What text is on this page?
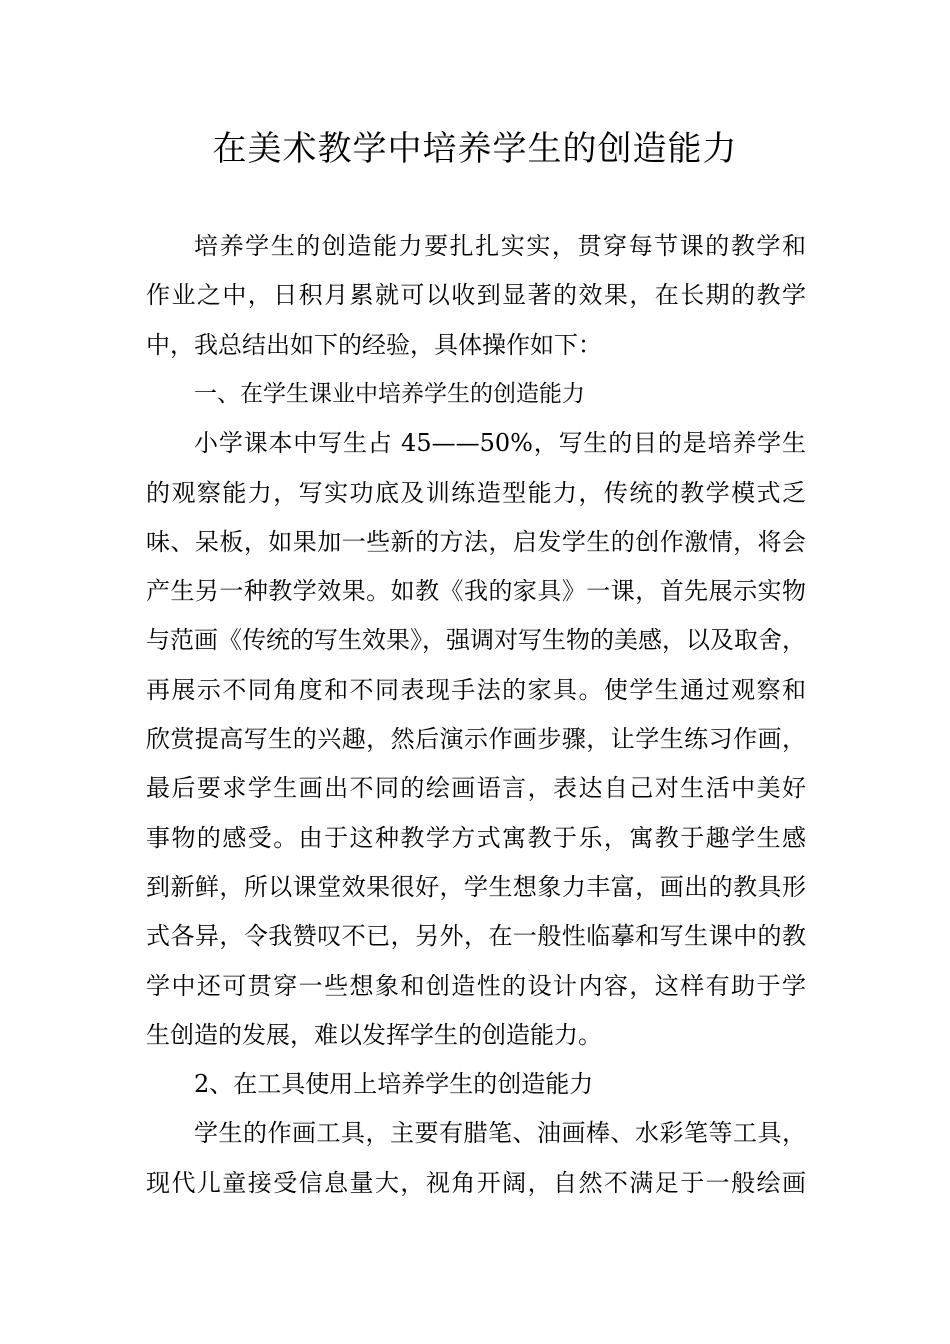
在美术教学中培养学生的创造能力
培养学生的创造能力要扎扎实实，贯穿每节课的教学和
作业之中，日积月累就可以收到显著的效果，在长期的教学
中，我总结出如下的经验，具体操作如下：
一、在学生课业中培养学生的创造能力
小学课本中写生占 45——50%，写生的目的是培养学生
的观察能力，写实功底及训练造型能力，传统的教学模式乏
味、呆板，如果加一些新的方法，启发学生的创作激情，将会
产生另一种教学效果。如教《我的家具》一课，首先展示实物
与范画《传统的写生效果》，强调对写生物的美感，以及取舍，
再展示不同角度和不同表现手法的家具。使学生通过观察和
欣赏提高写生的兴趣，然后演示作画步骤，让学生练习作画，
最后要求学生画出不同的绘画语言，表达自己对生活中美好
事物的感受。由于这种教学方式寓教于乐，寓教于趣学生感
到新鲜，所以课堂效果很好，学生想象力丰富，画出的教具形
式各异，令我赞叹不已，另外，在一般性临摹和写生课中的教
学中还可贯穿一些想象和创造性的设计内容，这样有助于学
生创造的发展，难以发挥学生的创造能力。
2、在工具使用上培养学生的创造能力
学生的作画工具，主要有腊笔、油画棒、水彩笔等工具，
现代儿童接受信息量大，视角开阔，自然不满足于一般绘画
